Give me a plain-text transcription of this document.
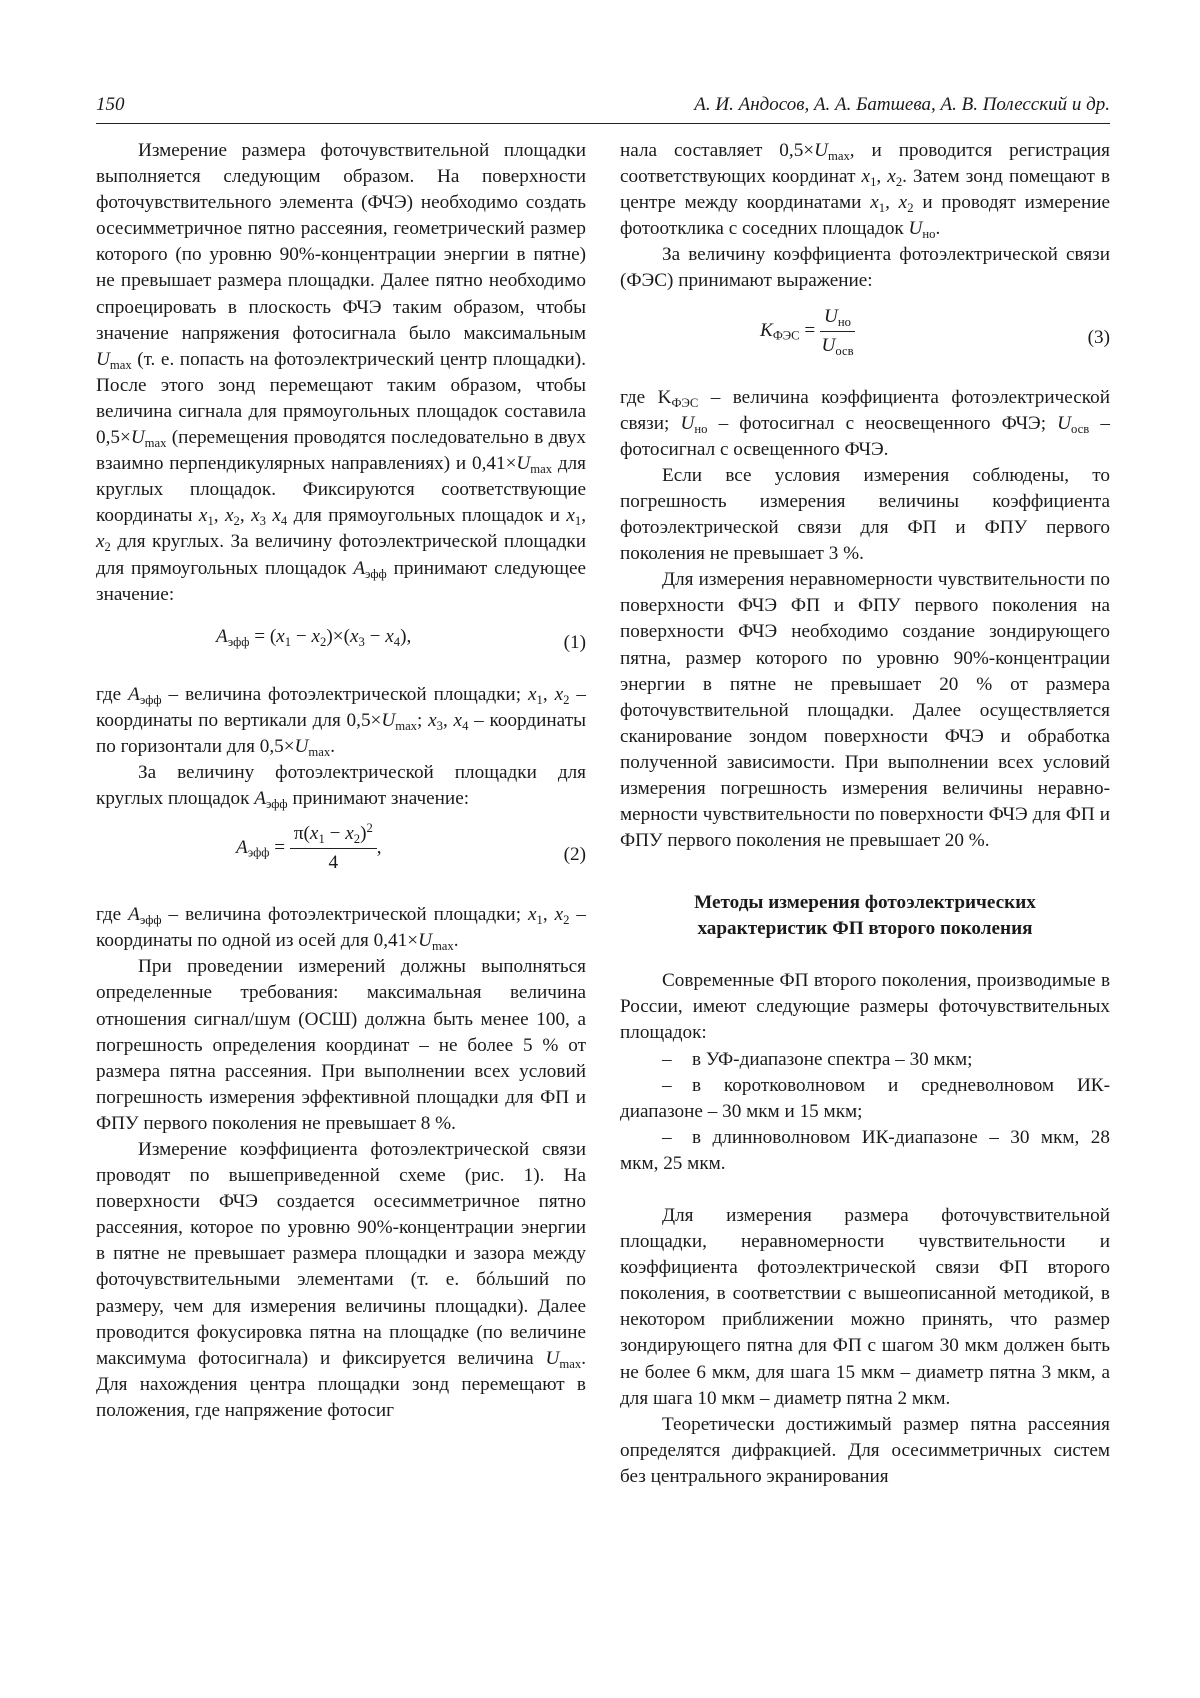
150	А. И. Андосов, А. А. Батшева, А. В. Полесский и др.

Измерение размера фоточувствительной площадки выполняется следующим образом. На поверхности фоточувствительного элемента (ФЧЭ) необходимо создать осесимметричное пятно рассеяния, геометрический размер которого (по уровню 90%-концентрации энергии в пятне) не превышает размера площадки. Далее пятно необходимо спроецировать в плоскость ФЧЭ таким образом, чтобы значение напряжения фотосигнала было максимальным $U_{max}$ (т. е. попасть на фотоэлектрический центр площадки). После этого зонд перемещают таким образом, чтобы величина сигнала для прямоугольных площадок составила $0,5\times U_{max}$ (перемещения проводятся последовательно в двух взаимно перпендикулярных направлениях) и $0,41\times U_{max}$ для круглых площадок. Фиксируются соответствующие координаты $x_1$, $x_2$, $x_3$ $x_4$ для прямоугольных площадок и $x_1$, $x_2$ для круглых. За величину фотоэлектрической площадки для прямоугольных площадок $A_{эфф}$ принимают следующее значение:

$A_{эфф} = (x_1 - x_2)\times(x_3 - x_4)$,	(1)

где $A_{эфф}$ – величина фотоэлектрической площадки; $x_1$, $x_2$ – координаты по вертикали для $0,5\times U_{max}$; $x_3$, $x_4$ – координаты по горизонтали для $0,5\times U_{max}$.

За величину фотоэлектрической площадки для круглых площадок $A_{эфф}$ принимают значение:

$A_{эфф} = \frac{\pi(x_1 - x_2)^2}{4}$ ,	(2)

где $A_{эфф}$ – величина фотоэлектрической площадки; $x_1$, $x_2$ – координаты по одной из осей для $0,41\times U_{max}$.

При проведении измерений должны выполняться определенные требования: максимальная величина отношения сигнал/шум (ОСШ) должна быть менее 100, а погрешность определения координат – не более 5 % от размера пятна рассеяния. При выполнении всех условий погрешность измерения эффективной площадки для ФП и ФПУ первого поколения не превышает 8 %.

Измерение коэффициента фотоэлектрической связи проводят по вышеприведенной схеме (рис. 1). На поверхности ФЧЭ создается осесимметричное пятно рассеяния, которое по уровню 90%-концентрации энергии в пятне не превышает размера площадки и зазора между фоточувствительными элементами (т. е. бóльший по размеру, чем для измерения величины площадки). Далее проводится фокусировка пятна на площадке (по величине максимума фотосигнала) и фиксируется величина $U_{max}$. Для нахождения центра площадки зонд перемещают в положения, где напряжение фотосиг

нала составляет $0,5\times U_{max}$, и проводится регистрация соответствующих координат $x_1$, $x_2$. Затем зонд помещают в центре между координатами $x_1$, $x_2$ и проводят измерение фотоотклика с соседних площадок $U_{но}$.

За величину коэффициента фотоэлектрической связи (ФЭС) принимают выражение:

$K_{ФЭС} = \frac{U_{но}}{U_{осв}}$	(3)

где $K_{ФЭС}$ – величина коэффициента фотоэлектрической связи; $U_{но}$ – фотосигнал с неосвещенного ФЧЭ; $U_{осв}$ – фотосигнал с освещенного ФЧЭ.

Если все условия измерения соблюдены, то погрешность измерения величины коэффициента фотоэлектрической связи для ФП и ФПУ первого поколения не превышает 3 %.

Для измерения неравномерности чувствительности по поверхности ФЧЭ ФП и ФПУ первого поколения на поверхности ФЧЭ необходимо создание зондирующего пятна, размер которого по уровню 90%-концентрации энергии в пятне не превышает 20 % от размера фоточувствительной площадки. Далее осуществляется сканирование зондом поверхности ФЧЭ и обработка полученной зависимости. При выполнении всех условий измерения погрешность измерения величины неравномерности чувствительности по поверхности ФЧЭ для ФП и ФПУ первого поколения не превышает 20 %.

Методы измерения фотоэлектрических
характеристик ФП второго поколения

Современные ФП второго поколения, производимые в России, имеют следующие размеры фоточувствительных площадок:

– в УФ-диапазоне спектра – 30 мкм;

– в коротковолновом и средневолновом ИК-диапазоне – 30 мкм и 15 мкм;

– в длинноволновом ИК-диапазоне – 30 мкм, 28 мкм, 25 мкм.

Для измерения размера фоточувствительной площадки, неравномерности чувствительности и коэффициента фотоэлектрической связи ФП второго поколения, в соответствии с вышеописанной методикой, в некотором приближении можно принять, что размер зондирующего пятна для ФП с шагом 30 мкм должен быть не более 6 мкм, для шага 15 мкм – диаметр пятна 3 мкм, а для шага 10 мкм – диаметр пятна 2 мкм.

Теоретически достижимый размер пятна рассеяния определятся дифракцией. Для осесимметричных систем без центрального экранирования
